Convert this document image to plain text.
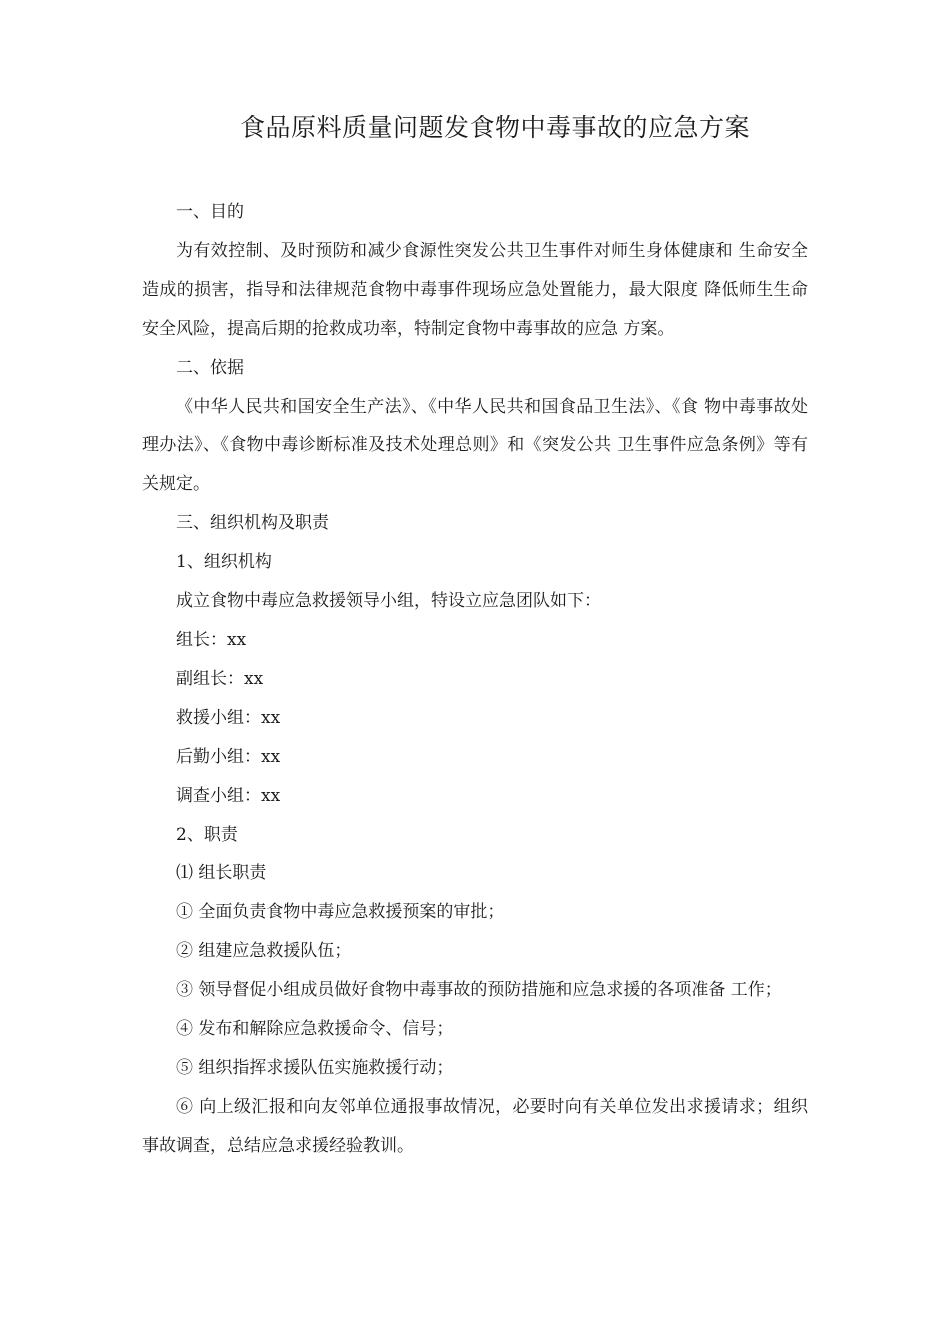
食品原料质量问题发食物中毒事故的应急方案

一、目的

为有效控制、及时预防和减少食源性突发公共卫生事件对师生身体健康和 生命安全造成的损害，指导和法律规范食物中毒事件现场应急处置能力，最大限度 降低师生生命安全风险，提高后期的抢救成功率，特制定食物中毒事故的应急 方案。

二、依据

《中华人民共和国安全生产法》、《中华人民共和国食品卫生法》、《食 物中毒事故处理办法》、《食物中毒诊断标准及技术处理总则》和《突发公共 卫生事件应急条例》等有关规定。

三、组织机构及职责

1、组织机构

成立食物中毒应急救援领导小组，特设立应急团队如下：

组长：xx

副组长：xx

救援小组：xx

后勤小组：xx

调查小组：xx

2、职责

⑴ 组长职责

① 全面负责食物中毒应急救援预案的审批；

② 组建应急救援队伍；

③ 领导督促小组成员做好食物中毒事故的预防措施和应急求援的各项准备 工作；

④ 发布和解除应急救援命令、信号；

⑤ 组织指挥求援队伍实施救援行动；

⑥ 向上级汇报和向友邻单位通报事故情况，必要时向有关单位发出求援请求；组织事故调查，总结应急求援经验教训。
